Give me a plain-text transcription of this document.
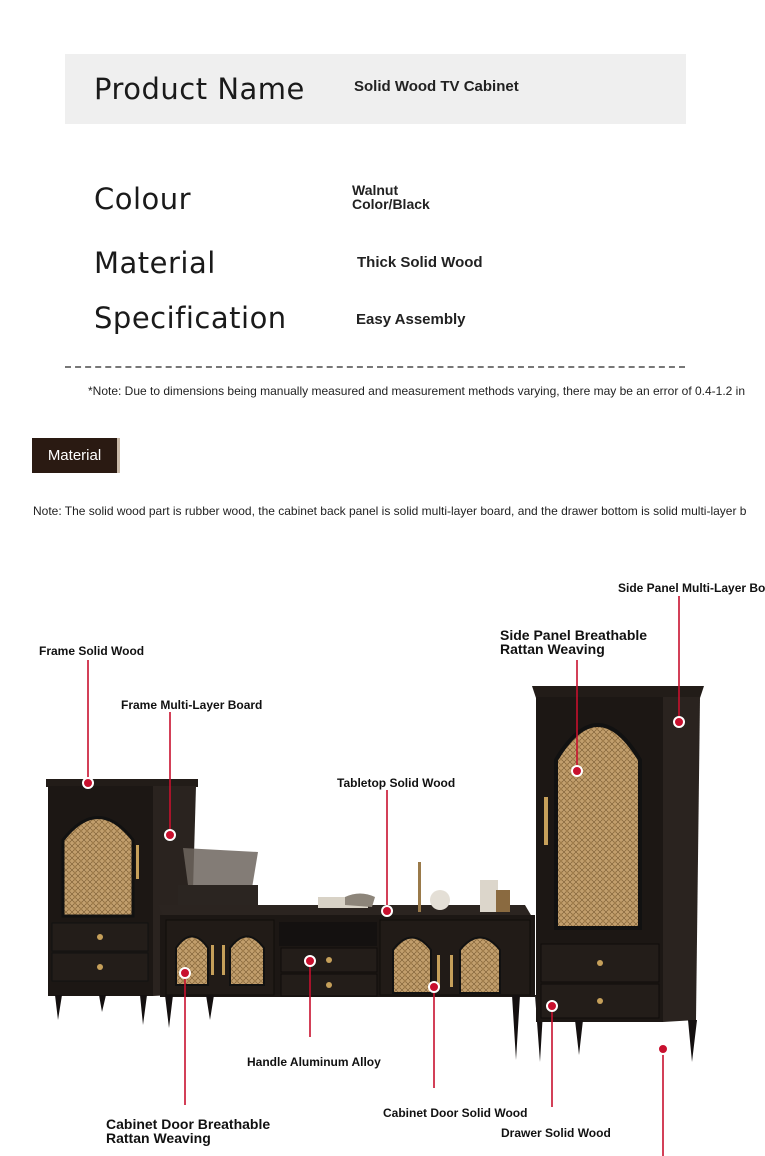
Product Name	Solid Wood TV Cabinet
Colour	Walnut
Color/Black
Material	Thick Solid Wood
Specification	Easy Assembly
*Note: Due to dimensions being manually measured and measurement methods varying, there may be an error of 0.4-1.2 in
Material
Note: The solid wood part is rubber wood, the cabinet back panel is solid multi-layer board, and the drawer bottom is solid multi-layer b
Side Panel Multi-Layer Bo
Side Panel Breathable
Rattan Weaving
Frame Solid Wood
Frame Multi-Layer Board
Tabletop Solid Wood
Handle Aluminum Alloy
Cabinet Door Breathable
Rattan Weaving
Cabinet Door Solid Wood
Drawer Solid Wood
